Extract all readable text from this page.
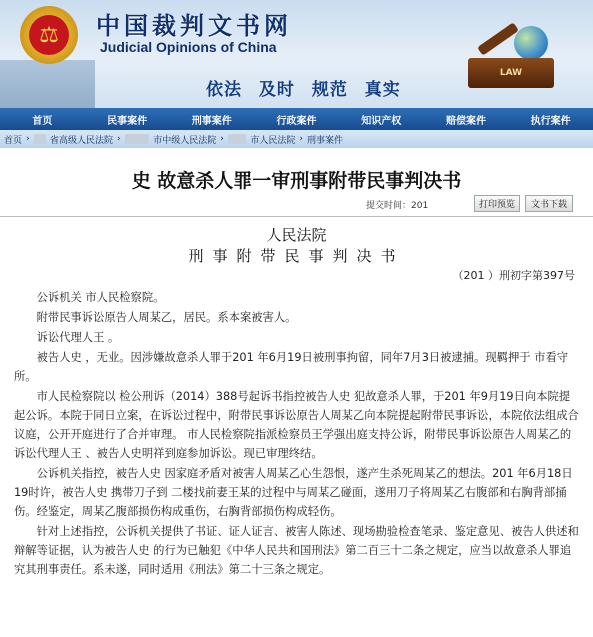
⚖	中国裁判文书网
Judicial Opinions of China
依法 及时 规范 真实
LAW
首页	民事案件	刑事案件	行政案件	知识产权	赔偿案件	执行案件
首页 › 省高级人民法院 ›	市中级人民法院 ›	市人民法院 › 刑事案件
史 故意杀人罪一审刑事附带民事判决书
提交时间：201	打印预览	文书下载
人民法院
刑事附带民事判决书
（201 ）刑初字第397号

公诉机关 市人民检察院。

附带民事诉讼原告人周某乙，居民。系本案被害人。

诉讼代理人王 。

被告人史 ，无业。因涉嫌故意杀人罪于201 年6月19日被刑事拘留，同年7月3日被逮捕。现羁押于 市看守所。

市人民检察院以 检公刑诉（2014）388号起诉书指控被告人史 犯故意杀人罪，于201 年9月19日向本院提起公诉。本院于同日立案，在诉讼过程中，附带民事诉讼原告人周某乙向本院提起附带民事诉讼，本院依法组成合议庭，公开开庭进行了合并审理。 市人民检察院指派检察员王学强出庭支持公诉，附带民事诉讼原告人周某乙的诉讼代理人王 、被告人史明祥到庭参加诉讼。现已审理终结。

公诉机关指控，被告人史 因家庭矛盾对被害人周某乙心生怨恨，遂产生杀死周某乙的想法。201 年6月18日19时许，被告人史 携带刀子到 二楼找前妻王某的过程中与周某乙碰面，遂用刀子将周某乙右腹部和右胸背部捅伤。经鉴定，周某乙腹部损伤构成重伤，右胸背部损伤构成轻伤。

针对上述指控，公诉机关提供了书证、证人证言、被害人陈述、现场勘验检查笔录、鉴定意见、被告人供述和辩解等证据，认为被告人史 的行为已触犯《中华人民共和国刑法》第二百三十二条之规定，应当以故意杀人罪追究其刑事责任。系未遂，同时适用《刑法》第二十三条之规定。
